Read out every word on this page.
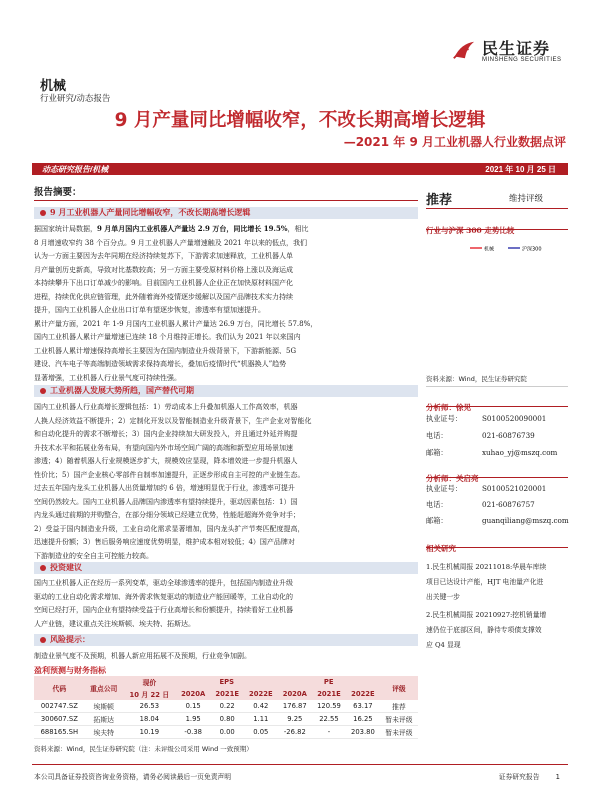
民生证券
MINSHENG SECURITIES
机械
行业研究/动态报告
9 月产量同比增幅收窄，不改长期高增长逻辑
—2021 年 9 月工业机器人行业数据点评
动态研究报告/机械	2021 年 10 月 25 日
报告摘要：
9 月工业机器人产量同比增幅收窄，不改长期高增长逻辑
据国家统计局数据，9 月单月国内工业机器人产量达 2.9 万台，同比增长 19.5%，相比
8 月增速收窄约 38 个百分点。9 月工业机器人产量增速触及 2021 年以来的低点，我们
认为一方面主要因为去年同期在经济持续复苏下，下游需求加速释放，工业机器人单
月产量创历史新高，导致对比基数较高；另一方面主要受原材料价格上涨以及海运成
本持续攀升下出口订单减少的影响。目前国内工业机器人企业正在加快原材料国产化
进程，持续优化供应链管理，此外随着海外疫情逐步缓解以及国产品牌技术实力持续
提升，国内工业机器人企业出口订单有望逐步恢复，渗透率有望加速提升。
累计产量方面，2021 年 1-9 月国内工业机器人累计产量达 26.9 万台，同比增长 57.8%，
国内工业机器人累计产量增速已连续 18 个月维持正增长。我们认为 2021 年以来国内
工业机器人累计增速保持高增长主要因为在国内制造业升级背景下，下游新能源、5G
建设、汽车电子等高端制造领域需求保持高增长，叠加后疫情时代“机器换人”趋势
显著增强，工业机器人行业景气度可持续性强。
工业机器人发展大势所趋，国产替代可期
国内工业机器人行业高增长逻辑包括：1）劳动成本上升叠加机器人工作高效率，机器
人换人经济效益不断提升；2）定制化开发以及智能制造业升级背景下，生产企业对智能化
和自动化提升的需求不断增长；3）国内企业持续加大研发投入，并且通过外延并购提
升技术水平和拓展业务布局，有望向国内外市场空间广阔的高端和新型应用场景加速
渗透；4）随着机器人行业规模逐步扩大，规模效应显现，降本增效进一步提升机器人
性价比；5）国产企业核心零部件自制率加速提升，正逐步形成自主可控的产业链生态。
过去五年国内龙头工业机器人出货量增加约 6 倍，增速明显优于行业，渗透率可提升
空间仍然较大。国内工业机器人品牌国内渗透率有望持续提升，驱动因素包括：1）国
内龙头通过前期的并购整合，在部分细分领域已经建立优势，性能赶超海外竞争对手；
2）受益于国内制造业升级，工业自动化需求显著增加，国内龙头扩产节奏匹配度提高，
迅速提升份额；3）售后服务响应速度优势明显，维护成本相对较低；4）国产品牌对
下游制造业的安全自主可控能力较高。
投资建议
国内工业机器人正在经历一系列变革，驱动全球渗透率的提升，包括国内制造业升级
驱动的工业自动化需求增加、海外需求恢复驱动的制造业产能回暖等，工业自动化的
空间已经打开，国内企业有望持续受益于行业高增长和份额提升，持续看好工业机器
人产业链，建议重点关注埃斯顿、埃夫特、拓斯达。
风险提示：
制造业景气度不及预期，机器人新应用拓展不及预期，行业竞争加剧。
盈利预测与财务指标
代码	重点公司	现价	EPS			PE			评级
		10 月 22 日	2020A	2021E	2022E	2020A	2021E	2022E	
002747.SZ	埃斯顿	26.53	0.15	0.22	0.42	176.87	120.59	63.17	推荐
300607.SZ	拓斯达	18.04	1.95	0.80	1.11	9.25	22.55	16.25	暂未评级
688165.SH	埃夫特	10.19	-0.38	0.00	0.05	-26.82	-	203.80	暂未评级
资料来源：Wind，民生证券研究院（注：未评级公司采用 Wind 一致预期）
推荐	维持评级
行业与沪深 300 走势比较
机械	沪深300
资料来源：Wind，民生证券研究院
分析师：徐见
执业证号：	S0100520090001
电话：	021-60876739
邮箱：	xuhao_yj@mszq.com
分析师：关启亮
执业证号：	S0100521020001
电话：	021-60876757
邮箱：	guanqiliang@mszq.com
相关研究
1.民生机械周报 20211018:华晨车库续
项目已达设计产能，HJT 电池量产化进
出关键一步
2.民生机械周报 20210927:挖机销量增
速仍位于底部区间，静待专项债支撑效
应 Q4 显现
本公司具备证券投资咨询业务资格，请务必阅读最后一页免责声明	证券研究报告 1
